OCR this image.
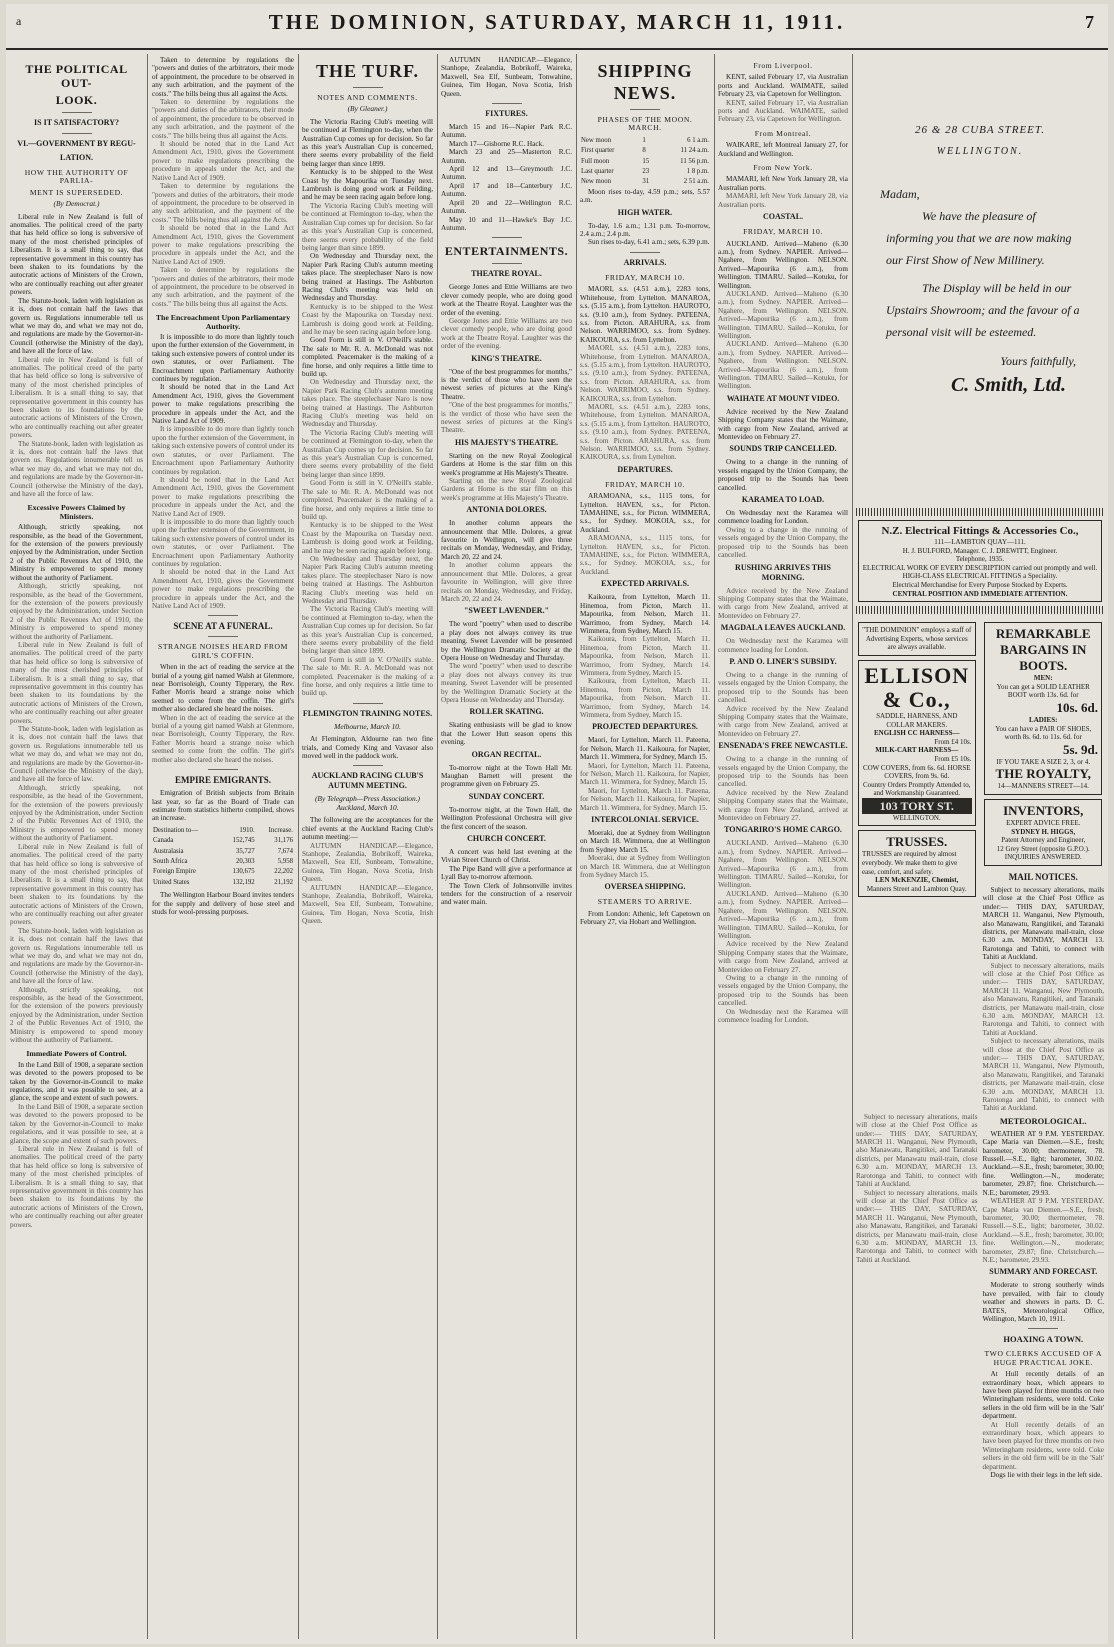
a	THE DOMINION, SATURDAY, MARCH 11, 1911.	7
THE POLITICAL OUT-
LOOK.
IS IT SATISFACTORY?
VI.—GOVERNMENT BY REGU-
LATION.
HOW THE AUTHORITY OF PARLIA-
MENT IS SUPERSEDED.
(By Democrat.)

Liberal rule in New Zealand is full of anomalies. The political creed of the party that has held office so long is subversive of many of the most cherished principles of Liberalism. It is a small thing to say, that representative government in this country has been shaken to its foundations by the autocratic actions of Ministers of the Crown, who are continually reaching out after greater powers.

The Statute-book, laden with legislation as it is, does not contain half the laws that govern us. Regulations innumerable tell us what we may do, and what we may not do, and regulations are made by the Governor-in-Council (otherwise the Ministry of the day), and have all the force of law.

Liberal rule in New Zealand is full of anomalies. The political creed of the party that has held office so long is subversive of many of the most cherished principles of Liberalism. It is a small thing to say, that representative government in this country has been shaken to its foundations by the autocratic actions of Ministers of the Crown, who are continually reaching out after greater powers.

The Statute-book, laden with legislation as it is, does not contain half the laws that govern us. Regulations innumerable tell us what we may do, and what we may not do, and regulations are made by the Governor-in-Council (otherwise the Ministry of the day), and have all the force of law.

Excessive Powers Claimed by Ministers.

Although, strictly speaking, not responsible, as the head of the Government, for the extension of the powers previously enjoyed by the Administration, under Section 2 of the Public Revenues Act of 1910, the Ministry is empowered to spend money without the authority of Parliament.

Although, strictly speaking, not responsible, as the head of the Government, for the extension of the powers previously enjoyed by the Administration, under Section 2 of the Public Revenues Act of 1910, the Ministry is empowered to spend money without the authority of Parliament.

Liberal rule in New Zealand is full of anomalies. The political creed of the party that has held office so long is subversive of many of the most cherished principles of Liberalism. It is a small thing to say, that representative government in this country has been shaken to its foundations by the autocratic actions of Ministers of the Crown, who are continually reaching out after greater powers.

The Statute-book, laden with legislation as it is, does not contain half the laws that govern us. Regulations innumerable tell us what we may do, and what we may not do, and regulations are made by the Governor-in-Council (otherwise the Ministry of the day), and have all the force of law.

Although, strictly speaking, not responsible, as the head of the Government, for the extension of the powers previously enjoyed by the Administration, under Section 2 of the Public Revenues Act of 1910, the Ministry is empowered to spend money without the authority of Parliament.

Liberal rule in New Zealand is full of anomalies. The political creed of the party that has held office so long is subversive of many of the most cherished principles of Liberalism. It is a small thing to say, that representative government in this country has been shaken to its foundations by the autocratic actions of Ministers of the Crown, who are continually reaching out after greater powers.

The Statute-book, laden with legislation as it is, does not contain half the laws that govern us. Regulations innumerable tell us what we may do, and what we may not do, and regulations are made by the Governor-in-Council (otherwise the Ministry of the day), and have all the force of law.

Although, strictly speaking, not responsible, as the head of the Government, for the extension of the powers previously enjoyed by the Administration, under Section 2 of the Public Revenues Act of 1910, the Ministry is empowered to spend money without the authority of Parliament.

Immediate Powers of Control.

In the Land Bill of 1908, a separate section was devoted to the powers proposed to be taken by the Governor-in-Council to make regulations, and it was possible to see, at a glance, the scope and extent of such powers.

In the Land Bill of 1908, a separate section was devoted to the powers proposed to be taken by the Governor-in-Council to make regulations, and it was possible to see, at a glance, the scope and extent of such powers.

Liberal rule in New Zealand is full of anomalies. The political creed of the party that has held office so long is subversive of many of the most cherished principles of Liberalism. It is a small thing to say, that representative government in this country has been shaken to its foundations by the autocratic actions of Ministers of the Crown, who are continually reaching out after greater powers.

Taken to determine by regulations the "powers and duties of the arbitrators, their mode of appointment, the procedure to be observed in any such arbitration, and the payment of the costs." The bills being thus all against the Acts.

Taken to determine by regulations the "powers and duties of the arbitrators, their mode of appointment, the procedure to be observed in any such arbitration, and the payment of the costs." The bills being thus all against the Acts.

It should be noted that in the Land Act Amendment Act, 1910, gives the Government power to make regulations prescribing the procedure in appeals under the Act, and the Native Land Act of 1909.

Taken to determine by regulations the "powers and duties of the arbitrators, their mode of appointment, the procedure to be observed in any such arbitration, and the payment of the costs." The bills being thus all against the Acts.

It should be noted that in the Land Act Amendment Act, 1910, gives the Government power to make regulations prescribing the procedure in appeals under the Act, and the Native Land Act of 1909.

Taken to determine by regulations the "powers and duties of the arbitrators, their mode of appointment, the procedure to be observed in any such arbitration, and the payment of the costs." The bills being thus all against the Acts.

The Encroachment Upon Parliamentary Authority.

It is impossible to do more than lightly touch upon the further extension of the Government, in taking such extensive powers of control under its own statutes, or over Parliament. The Encroachment upon Parliamentary Authority continues by regulation.

It should be noted that in the Land Act Amendment Act, 1910, gives the Government power to make regulations prescribing the procedure in appeals under the Act, and the Native Land Act of 1909.

It is impossible to do more than lightly touch upon the further extension of the Government, in taking such extensive powers of control under its own statutes, or over Parliament. The Encroachment upon Parliamentary Authority continues by regulation.

It should be noted that in the Land Act Amendment Act, 1910, gives the Government power to make regulations prescribing the procedure in appeals under the Act, and the Native Land Act of 1909.

It is impossible to do more than lightly touch upon the further extension of the Government, in taking such extensive powers of control under its own statutes, or over Parliament. The Encroachment upon Parliamentary Authority continues by regulation.

It should be noted that in the Land Act Amendment Act, 1910, gives the Government power to make regulations prescribing the procedure in appeals under the Act, and the Native Land Act of 1909.

SCENE AT A FUNERAL.
STRANGE NOISES HEARD FROM GIRL'S COFFIN.

When in the act of reading the service at the burial of a young girl named Walsh at Glenmore, near Borrisoleigh, County Tipperary, the Rev. Father Morris heard a strange noise which seemed to come from the coffin. The girl's mother also declared she heard the noises.

When in the act of reading the service at the burial of a young girl named Walsh at Glenmore, near Borrisoleigh, County Tipperary, the Rev. Father Morris heard a strange noise which seemed to come from the coffin. The girl's mother also declared she heard the noises.

EMPIRE EMIGRANTS.

Emigration of British subjects from Britain last year, so far as the Board of Trade can estimate from statistics hitherto compiled, shows an increase.

Destination to—	1910.	Increase.
Canada	152,745	31,176
Australasia	35,727	7,674
South Africa	20,303	5,958
Foreign Empire	130,675	22,202
United States	132,192	21,192

The Wellington Harbour Board invites tenders for the supply and delivery of hose steel and studs for wool-pressing purposes.

THE TURF.
NOTES AND COMMENTS.
(By Gleaner.)

The Victoria Racing Club's meeting will be continued at Flemington to-day, when the Australian Cup comes up for decision. So far as this year's Australian Cup is concerned, there seems every probability of the field being larger than since 1899.

Kentucky is to be shipped to the West Coast by the Mapourika on Tuesday next. Lambrush is doing good work at Feilding, and he may be seen racing again before long.

The Victoria Racing Club's meeting will be continued at Flemington to-day, when the Australian Cup comes up for decision. So far as this year's Australian Cup is concerned, there seems every probability of the field being larger than since 1899.

On Wednesday and Thursday next, the Napier Park Racing Club's autumn meeting takes place. The steeplechaser Naro is now being trained at Hastings. The Ashburton Racing Club's meeting was held on Wednesday and Thursday.

Kentucky is to be shipped to the West Coast by the Mapourika on Tuesday next. Lambrush is doing good work at Feilding, and he may be seen racing again before long.

Good Form is still in V. O'Neill's stable. The sale to Mr. R. A. McDonald was not completed. Peacemaker is the making of a fine horse, and only requires a little time to build up.

On Wednesday and Thursday next, the Napier Park Racing Club's autumn meeting takes place. The steeplechaser Naro is now being trained at Hastings. The Ashburton Racing Club's meeting was held on Wednesday and Thursday.

The Victoria Racing Club's meeting will be continued at Flemington to-day, when the Australian Cup comes up for decision. So far as this year's Australian Cup is concerned, there seems every probability of the field being larger than since 1899.

Good Form is still in V. O'Neill's stable. The sale to Mr. R. A. McDonald was not completed. Peacemaker is the making of a fine horse, and only requires a little time to build up.

Kentucky is to be shipped to the West Coast by the Mapourika on Tuesday next. Lambrush is doing good work at Feilding, and he may be seen racing again before long.

On Wednesday and Thursday next, the Napier Park Racing Club's autumn meeting takes place. The steeplechaser Naro is now being trained at Hastings. The Ashburton Racing Club's meeting was held on Wednesday and Thursday.

The Victoria Racing Club's meeting will be continued at Flemington to-day, when the Australian Cup comes up for decision. So far as this year's Australian Cup is concerned, there seems every probability of the field being larger than since 1899.

Good Form is still in V. O'Neill's stable. The sale to Mr. R. A. McDonald was not completed. Peacemaker is the making of a fine horse, and only requires a little time to build up.

FLEMINGTON TRAINING NOTES.
Melbourne, March 10.

At Flemington, Aldourne ran two fine trials, and Comedy King and Vavasor also moved well in the paddock work.

AUCKLAND RACING CLUB'S AUTUMN MEETING.
(By Telegraph—Press Association.) Auckland, March 10.

The following are the acceptances for the chief events at the Auckland Racing Club's autumn meeting:—

AUTUMN HANDICAP.—Elegance, Stanhope, Zealandia, Bobrikoff, Waireka, Maxwell, Sea Elf, Sunbeam, Tonwahine, Guinea, Tim Hogan, Nova Scotia, Irish Queen.

AUTUMN HANDICAP.—Elegance, Stanhope, Zealandia, Bobrikoff, Waireka, Maxwell, Sea Elf, Sunbeam, Tonwahine, Guinea, Tim Hogan, Nova Scotia, Irish Queen.

AUTUMN HANDICAP.—Elegance, Stanhope, Zealandia, Bobrikoff, Waireka, Maxwell, Sea Elf, Sunbeam, Tonwahine, Guinea, Tim Hogan, Nova Scotia, Irish Queen.

FIXTURES.

March 15 and 16—Napier Park R.C. Autumn.

March 17—Gisborne R.C. Hack.

March 23 and 25—Masterton R.C. Autumn.

April 12 and 13—Greymouth J.C. Autumn.

April 17 and 18—Canterbury J.C. Autumn.

April 20 and 22—Wellington R.C. Autumn.

May 10 and 11—Hawke's Bay J.C. Autumn.

ENTERTAINMENTS.
THEATRE ROYAL.

George Jones and Ettie Williams are two clever comedy people, who are doing good work at the Theatre Royal. Laughter was the order of the evening.

George Jones and Ettie Williams are two clever comedy people, who are doing good work at the Theatre Royal. Laughter was the order of the evening.

KING'S THEATRE.

"One of the best programmes for months," is the verdict of those who have seen the newest series of pictures at the King's Theatre.

"One of the best programmes for months," is the verdict of those who have seen the newest series of pictures at the King's Theatre.

HIS MAJESTY'S THEATRE.

Starting on the new Royal Zoological Gardens at Home is the star film on this week's programme at His Majesty's Theatre.

Starting on the new Royal Zoological Gardens at Home is the star film on this week's programme at His Majesty's Theatre.

ANTONIA DOLORES.

In another column appears the announcement that Mlle. Dolores, a great favourite in Wellington, will give three recitals on Monday, Wednesday, and Friday, March 20, 22 and 24.

In another column appears the announcement that Mlle. Dolores, a great favourite in Wellington, will give three recitals on Monday, Wednesday, and Friday, March 20, 22 and 24.

"SWEET LAVENDER."

The word "poetry" when used to describe a play does not always convey its true meaning. Sweet Lavender will be presented by the Wellington Dramatic Society at the Opera House on Wednesday and Thursday.

The word "poetry" when used to describe a play does not always convey its true meaning. Sweet Lavender will be presented by the Wellington Dramatic Society at the Opera House on Wednesday and Thursday.

ROLLER SKATING.

Skating enthusiasts will be glad to know that the Lower Hutt season opens this evening.

ORGAN RECITAL.

To-morrow night at the Town Hall Mr. Maughan Barnett will present the programme given on February 25.

SUNDAY CONCERT.

To-morrow night, at the Town Hall, the Wellington Professional Orchestra will give the first concert of the season.

CHURCH CONCERT.

A concert was held last evening at the Vivian Street Church of Christ.

The Pipe Band will give a performance at Lyall Bay to-morrow afternoon.

The Town Clerk of Johnsonville invites tenders for the construction of a reservoir and water main.

SHIPPING NEWS.
PHASES OF THE MOON. MARCH.
New moon	1	6 1 a.m.
First quarter	8	11 24 a.m.
Full moon	15	11 56 p.m.
Last quarter	23	1 8 p.m.
New moon	31	2 51 a.m.

Moon rises to-day, 4.59 p.m.; sets, 5.57 a.m.

HIGH WATER.

To-day, 1.6 a.m.; 1.31 p.m. To-morrow, 2.4 a.m.; 2.4 p.m.

Sun rises to-day, 6.41 a.m.; sets, 6.39 p.m.

ARRIVALS.
FRIDAY, MARCH 10.

MAORI, s.s. (4.51 a.m.), 2283 tons, Whitehouse, from Lyttelton. MANAROA, s.s. (5.15 a.m.), from Lyttelton. HAUROTO, s.s. (9.10 a.m.), from Sydney. PATEENA, s.s. from Picton. ARAHURA, s.s. from Nelson. WARRIMOO, s.s. from Sydney. KAIKOURA, s.s. from Lyttelton.

MAORI, s.s. (4.51 a.m.), 2283 tons, Whitehouse, from Lyttelton. MANAROA, s.s. (5.15 a.m.), from Lyttelton. HAUROTO, s.s. (9.10 a.m.), from Sydney. PATEENA, s.s. from Picton. ARAHURA, s.s. from Nelson. WARRIMOO, s.s. from Sydney. KAIKOURA, s.s. from Lyttelton.

MAORI, s.s. (4.51 a.m.), 2283 tons, Whitehouse, from Lyttelton. MANAROA, s.s. (5.15 a.m.), from Lyttelton. HAUROTO, s.s. (9.10 a.m.), from Sydney. PATEENA, s.s. from Picton. ARAHURA, s.s. from Nelson. WARRIMOO, s.s. from Sydney. KAIKOURA, s.s. from Lyttelton.

DEPARTURES.
FRIDAY, MARCH 10.

ARAMOANA, s.s., 1115 tons, for Lyttelton. HAVEN, s.s., for Picton. TAMAHINE, s.s., for Picton. WIMMERA, s.s., for Sydney. MOKOIA, s.s., for Auckland.

ARAMOANA, s.s., 1115 tons, for Lyttelton. HAVEN, s.s., for Picton. TAMAHINE, s.s., for Picton. WIMMERA, s.s., for Sydney. MOKOIA, s.s., for Auckland.

EXPECTED ARRIVALS.

Kaikoura, from Lyttelton, March 11. Hinemoa, from Picton, March 11. Mapourika, from Nelson, March 11. Warrimoo, from Sydney, March 14. Wimmera, from Sydney, March 15.

Kaikoura, from Lyttelton, March 11. Hinemoa, from Picton, March 11. Mapourika, from Nelson, March 11. Warrimoo, from Sydney, March 14. Wimmera, from Sydney, March 15.

Kaikoura, from Lyttelton, March 11. Hinemoa, from Picton, March 11. Mapourika, from Nelson, March 11. Warrimoo, from Sydney, March 14. Wimmera, from Sydney, March 15.

PROJECTED DEPARTURES.

Maori, for Lyttelton, March 11. Pateena, for Nelson, March 11. Kaikoura, for Napier, March 11. Wimmera, for Sydney, March 15.

Maori, for Lyttelton, March 11. Pateena, for Nelson, March 11. Kaikoura, for Napier, March 11. Wimmera, for Sydney, March 15.

Maori, for Lyttelton, March 11. Pateena, for Nelson, March 11. Kaikoura, for Napier, March 11. Wimmera, for Sydney, March 15.

INTERCOLONIAL SERVICE.

Moeraki, due at Sydney from Wellington on March 18. Wimmera, due at Wellington from Sydney March 15.

Moeraki, due at Sydney from Wellington on March 18. Wimmera, due at Wellington from Sydney March 15.

OVERSEA SHIPPING.
STEAMERS TO ARRIVE.

From London: Athenic, left Capetown on February 27, via Hobart and Wellington.

From Liverpool.

KENT, sailed February 17, via Australian ports and Auckland. WAIMATE, sailed February 23, via Capetown for Wellington.

KENT, sailed February 17, via Australian ports and Auckland. WAIMATE, sailed February 23, via Capetown for Wellington.

From Montreal.

WAIKARE, left Montreal January 27, for Auckland and Wellington.

From New York.

MAMARI, left New York January 28, via Australian ports.

MAMARI, left New York January 28, via Australian ports.

COASTAL.
FRIDAY, MARCH 10.

AUCKLAND. Arrived—Maheno (6.30 a.m.), from Sydney. NAPIER. Arrived—Ngahere, from Wellington. NELSON. Arrived—Mapourika (6 a.m.), from Wellington. TIMARU. Sailed—Kotuku, for Wellington.

AUCKLAND. Arrived—Maheno (6.30 a.m.), from Sydney. NAPIER. Arrived—Ngahere, from Wellington. NELSON. Arrived—Mapourika (6 a.m.), from Wellington. TIMARU. Sailed—Kotuku, for Wellington.

AUCKLAND. Arrived—Maheno (6.30 a.m.), from Sydney. NAPIER. Arrived—Ngahere, from Wellington. NELSON. Arrived—Mapourika (6 a.m.), from Wellington. TIMARU. Sailed—Kotuku, for Wellington.

WAIHATE AT MOUNT VIDEO.

Advice received by the New Zealand Shipping Company states that the Waimate, with cargo from New Zealand, arrived at Montevideo on February 27.

SOUNDS TRIP CANCELLED.

Owing to a change in the running of vessels engaged by the Union Company, the proposed trip to the Sounds has been cancelled.

KARAMEA TO LOAD.

On Wednesday next the Karamea will commence loading for London.

Owing to a change in the running of vessels engaged by the Union Company, the proposed trip to the Sounds has been cancelled.

RUSHING ARRIVES THIS MORNING.

Advice received by the New Zealand Shipping Company states that the Waimate, with cargo from New Zealand, arrived at Montevideo on February 27.

MAGDALA LEAVES AUCKLAND.

On Wednesday next the Karamea will commence loading for London.

P. AND O. LINER'S SUBSIDY.

Owing to a change in the running of vessels engaged by the Union Company, the proposed trip to the Sounds has been cancelled.

Advice received by the New Zealand Shipping Company states that the Waimate, with cargo from New Zealand, arrived at Montevideo on February 27.

ENSENADA'S FREE NEWCASTLE.

Owing to a change in the running of vessels engaged by the Union Company, the proposed trip to the Sounds has been cancelled.

Advice received by the New Zealand Shipping Company states that the Waimate, with cargo from New Zealand, arrived at Montevideo on February 27.

TONGARIRO'S HOME CARGO.

AUCKLAND. Arrived—Maheno (6.30 a.m.), from Sydney. NAPIER. Arrived—Ngahere, from Wellington. NELSON. Arrived—Mapourika (6 a.m.), from Wellington. TIMARU. Sailed—Kotuku, for Wellington.

AUCKLAND. Arrived—Maheno (6.30 a.m.), from Sydney. NAPIER. Arrived—Ngahere, from Wellington. NELSON. Arrived—Mapourika (6 a.m.), from Wellington. TIMARU. Sailed—Kotuku, for Wellington.

Advice received by the New Zealand Shipping Company states that the Waimate, with cargo from New Zealand, arrived at Montevideo on February 27.

Owing to a change in the running of vessels engaged by the Union Company, the proposed trip to the Sounds has been cancelled.

On Wednesday next the Karamea will commence loading for London.

26 & 28 CUBA STREET.
WELLINGTON.
Madam,

We have the pleasure of informing you that we are now making our First Show of New Millinery.

The Display will be held in our Upstairs Showroom; and the favour of a personal visit will be esteemed.

Yours faithfully,
C. Smith, Ltd.
N.Z. Electrical Fittings & Accessories Co.,
111—LAMBTON QUAY—111.
H. J. BULFORD, Manager. C. J. DREWITT, Engineer.
Telephone, 1935.
ELECTRICAL WORK OF EVERY DESCRIPTION carried out promptly and well. HIGH-CLASS ELECTRICAL FITTINGS a Speciality.
Electrical Merchandise for Every Purpose Stocked by Experts.
CENTRAL POSITION AND IMMEDIATE ATTENTION.
"THE DOMINION" employs a staff of Advertising Experts, whose services are always available.
ELLISON & Co.,
SADDLE, HARNESS, AND COLLAR MAKERS.
ENGLISH CC HARNESS—
From £4 10s.
MILK-CART HARNESS—
From £5 10s.
COW COVERS, from 6s. 6d. HORSE COVERS, from 9s. 6d.
Country Orders Promptly Attended to, and Workmanship Guaranteed.
103 TORY ST.
WELLINGTON.
TRUSSES.
TRUSSES are required by almost everybody. We make them to give ease, comfort, and safety.
LEN McKENZIE, Chemist,
Manners Street and Lambton Quay.
REMARKABLE BARGAINS IN BOOTS.
MEN:
You can get a SOLID LEATHER BOOT worth 13s. 6d. for
10s. 6d.
LADIES:
You can have a PAIR OF SHOES, worth 8s. 6d. to 11s. 6d. for
5s. 9d.
IF YOU TAKE A SIZE 2, 3, or 4.
THE ROYALTY,
14—MANNERS STREET—14.
INVENTORS,
EXPERT ADVICE FREE.
SYDNEY H. HIGGS,
Patent Attorney and Engineer,
12 Grey Street (opposite G.P.O.).
INQUIRIES ANSWERED.
MAIL NOTICES.

Subject to necessary alterations, mails will close at the Chief Post Office as under:— THIS DAY, SATURDAY, MARCH 11. Wanganui, New Plymouth, also Manawatu, Rangitikei, and Taranaki districts, per Manawatu mail-train, close 6.30 a.m. MONDAY, MARCH 13. Rarotonga and Tahiti, to connect with Tahiti at Auckland.

Subject to necessary alterations, mails will close at the Chief Post Office as under:— THIS DAY, SATURDAY, MARCH 11. Wanganui, New Plymouth, also Manawatu, Rangitikei, and Taranaki districts, per Manawatu mail-train, close 6.30 a.m. MONDAY, MARCH 13. Rarotonga and Tahiti, to connect with Tahiti at Auckland.

Subject to necessary alterations, mails will close at the Chief Post Office as under:— THIS DAY, SATURDAY, MARCH 11. Wanganui, New Plymouth, also Manawatu, Rangitikei, and Taranaki districts, per Manawatu mail-train, close 6.30 a.m. MONDAY, MARCH 13. Rarotonga and Tahiti, to connect with Tahiti at Auckland.

Subject to necessary alterations, mails will close at the Chief Post Office as under:— THIS DAY, SATURDAY, MARCH 11. Wanganui, New Plymouth, also Manawatu, Rangitikei, and Taranaki districts, per Manawatu mail-train, close 6.30 a.m. MONDAY, MARCH 13. Rarotonga and Tahiti, to connect with Tahiti at Auckland.

Subject to necessary alterations, mails will close at the Chief Post Office as under:— THIS DAY, SATURDAY, MARCH 11. Wanganui, New Plymouth, also Manawatu, Rangitikei, and Taranaki districts, per Manawatu mail-train, close 6.30 a.m. MONDAY, MARCH 13. Rarotonga and Tahiti, to connect with Tahiti at Auckland.

METEOROLOGICAL.

WEATHER AT 9 P.M. YESTERDAY. Cape Maria van Diemen.—S.E., fresh; barometer, 30.00; thermometer, 78. Russell.—S.E., light; barometer, 30.02. Auckland.—S.E., fresh; barometer, 30.00; fine. Wellington.—N., moderate; barometer, 29.87; fine. Christchurch.—N.E.; barometer, 29.93.

WEATHER AT 9 P.M. YESTERDAY. Cape Maria van Diemen.—S.E., fresh; barometer, 30.00; thermometer, 78. Russell.—S.E., light; barometer, 30.02. Auckland.—S.E., fresh; barometer, 30.00; fine. Wellington.—N., moderate; barometer, 29.87; fine. Christchurch.—N.E.; barometer, 29.93.

SUMMARY AND FORECAST.

Moderate to strong southerly winds have prevailed, with fair to cloudy weather and showers in parts. D. C. BATES, Meteorological Office, Wellington, March 10, 1911.

HOAXING A TOWN.
TWO CLERKS ACCUSED OF A HUGE PRACTICAL JOKE.

At Hull recently details of an extraordinary hoax, which appears to have been played for three months on two Winteringham residents, were told. Coke sellers in the old firm will be in the 'Salt' department.

At Hull recently details of an extraordinary hoax, which appears to have been played for three months on two Winteringham residents, were told. Coke sellers in the old firm will be in the 'Salt' department.

Dogs lie with their legs in the left side.
